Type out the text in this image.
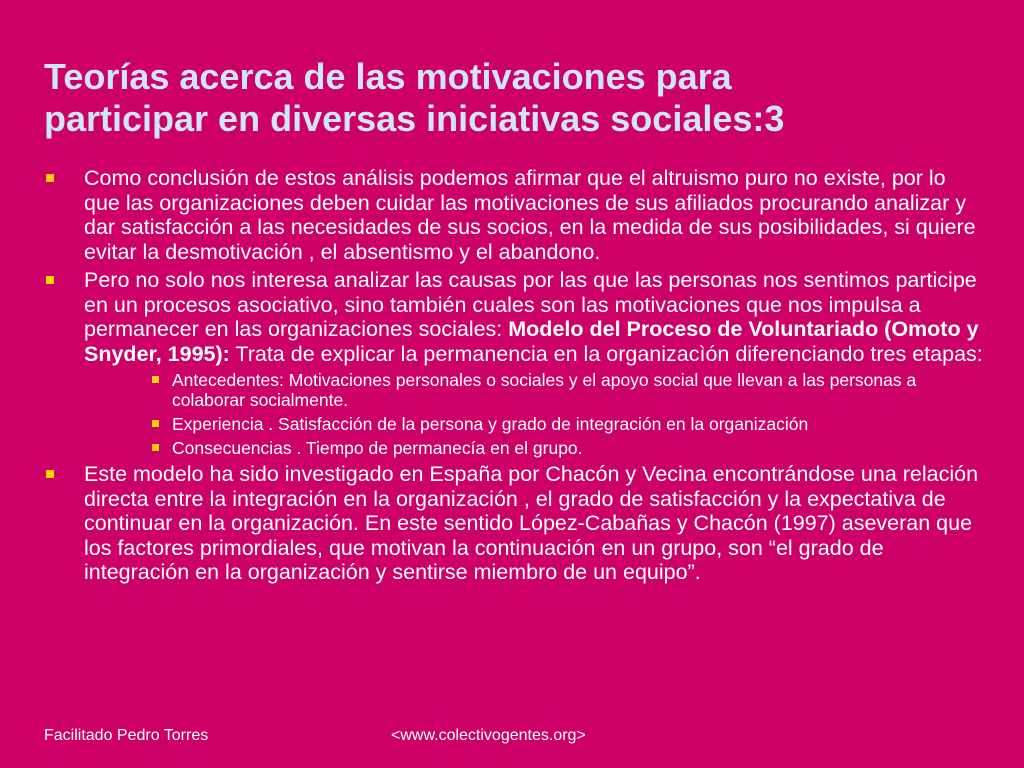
Teorías acerca de las motivaciones para
participar en diversas iniciativas sociales:3
Como conclusión de estos análisis podemos afirmar que el altruismo puro no existe, por lo que las organizaciones deben cuidar las motivaciones de sus afiliados procurando analizar y dar satisfacción a las necesidades de sus socios, en la medida de sus posibilidades, si quiere evitar la desmotivación , el absentismo y el abandono.
Pero no solo nos interesa analizar las causas por las que las personas nos sentimos participe en un procesos asociativo, sino también cuales son las motivaciones que nos impulsa a permanecer en las organizaciones sociales: Modelo del Proceso de Voluntariado (Omoto y Snyder, 1995): Trata de explicar la permanencia en la organizacìón diferenciando tres etapas:
Antecedentes: Motivaciones personales o sociales y el apoyo social que llevan a las personas a colaborar socialmente.
Experiencia . Satisfacción de la persona y grado de integración en la organización
Consecuencias . Tiempo de permanecía en el grupo.
Este modelo ha sido investigado en España por Chacón y Vecina encontrándose una relación directa entre la integración en la organización , el grado de satisfacción y la expectativa de continuar en la organización. En este sentido López-Cabañas y Chacón (1997) aseveran que los factores primordiales, que motivan la continuación en un grupo, son “el grado de integración en la organización y sentirse miembro de un equipo”.
Facilitado Pedro Torres	<www.colectivogentes.org>
